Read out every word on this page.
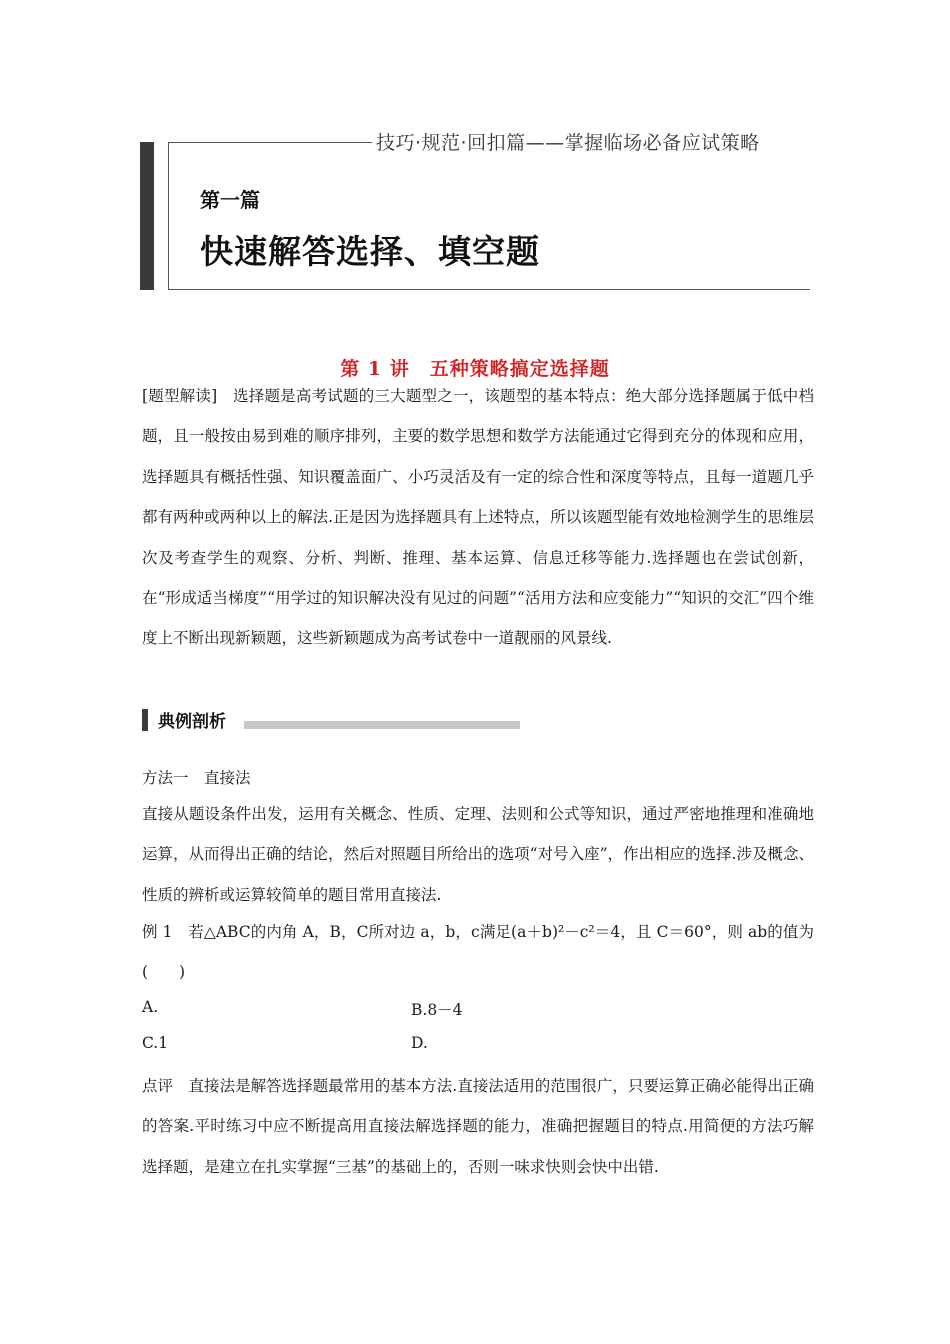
技巧·规范·回扣篇——掌握临场必备应试策略
第一篇
快速解答选择、填空题
第 1 讲　五种策略搞定选择题
[题型解读]　选择题是高考试题的三大题型之一，该题型的基本特点：绝大部分选择题属于低中档题，且一般按由易到难的顺序排列，主要的数学思想和数学方法能通过它得到充分的体现和应用，选择题具有概括性强、知识覆盖面广、小巧灵活及有一定的综合性和深度等特点，且每一道题几乎都有两种或两种以上的解法.正是因为选择题具有上述特点，所以该题型能有效地检测学生的思维层次及考查学生的观察、分析、判断、推理、基本运算、信息迁移等能力.选择题也在尝试创新，在“形成适当梯度”“用学过的知识解决没有见过的问题”“活用方法和应变能力”“知识的交汇”四个维度上不断出现新颖题，这些新颖题成为高考试卷中一道靓丽的风景线.
典例剖析
方法一　直接法
直接从题设条件出发，运用有关概念、性质、定理、法则和公式等知识，通过严密地推理和准确地运算，从而得出正确的结论，然后对照题目所给出的选项“对号入座”，作出相应的选择.涉及概念、性质的辨析或运算较简单的题目常用直接法.
例 1　若△ABC的内角 A，B，C所对边 a，b，c满足(a＋b)²－c²＝4，且 C＝60°，则 ab的值为(　　)
A.	B.8－4
C.1	D.
点评　直接法是解答选择题最常用的基本方法.直接法适用的范围很广，只要运算正确必能得出正确的答案.平时练习中应不断提高用直接法解选择题的能力，准确把握题目的特点.用简便的方法巧解选择题，是建立在扎实掌握“三基”的基础上的，否则一味求快则会快中出错.
